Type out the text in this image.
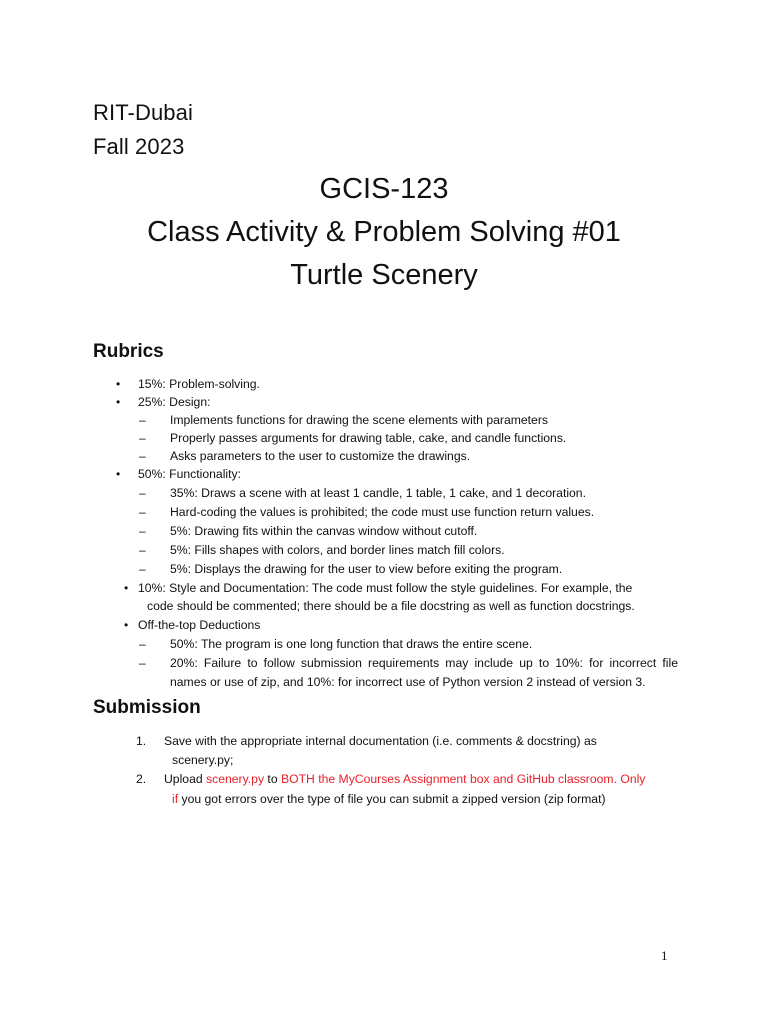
RIT-Dubai
Fall 2023
GCIS-123
Class Activity & Problem Solving #01
Turtle Scenery
Rubrics
• 15%: Problem-solving.
• 25%: Design:
– Implements functions for drawing the scene elements with parameters
– Properly passes arguments for drawing table, cake, and candle functions.
– Asks parameters to the user to customize the drawings.
• 50%: Functionality:
– 35%: Draws a scene with at least 1 candle, 1 table, 1 cake, and 1 decoration.
– Hard-coding the values is prohibited; the code must use function return values.
– 5%: Drawing fits within the canvas window without cutoff.
– 5%: Fills shapes with colors, and border lines match fill colors.
– 5%: Displays the drawing for the user to view before exiting the program.
• 10%: Style and Documentation: The code must follow the style guidelines. For example, the
code should be commented; there should be a file docstring as well as function docstrings.
• Off-the-top Deductions
– 50%: The program is one long function that draws the entire scene.
– 20%: Failure to follow submission requirements may include up to 10%: for incorrect file
names or use of zip, and 10%: for incorrect use of Python version 2 instead of version 3.
Submission
1. Save with the appropriate internal documentation (i.e. comments & docstring) as
scenery.py;
2. Upload scenery.py to BOTH the MyCourses Assignment box and GitHub classroom. Only
if you got errors over the type of file you can submit a zipped version (zip format)
1
